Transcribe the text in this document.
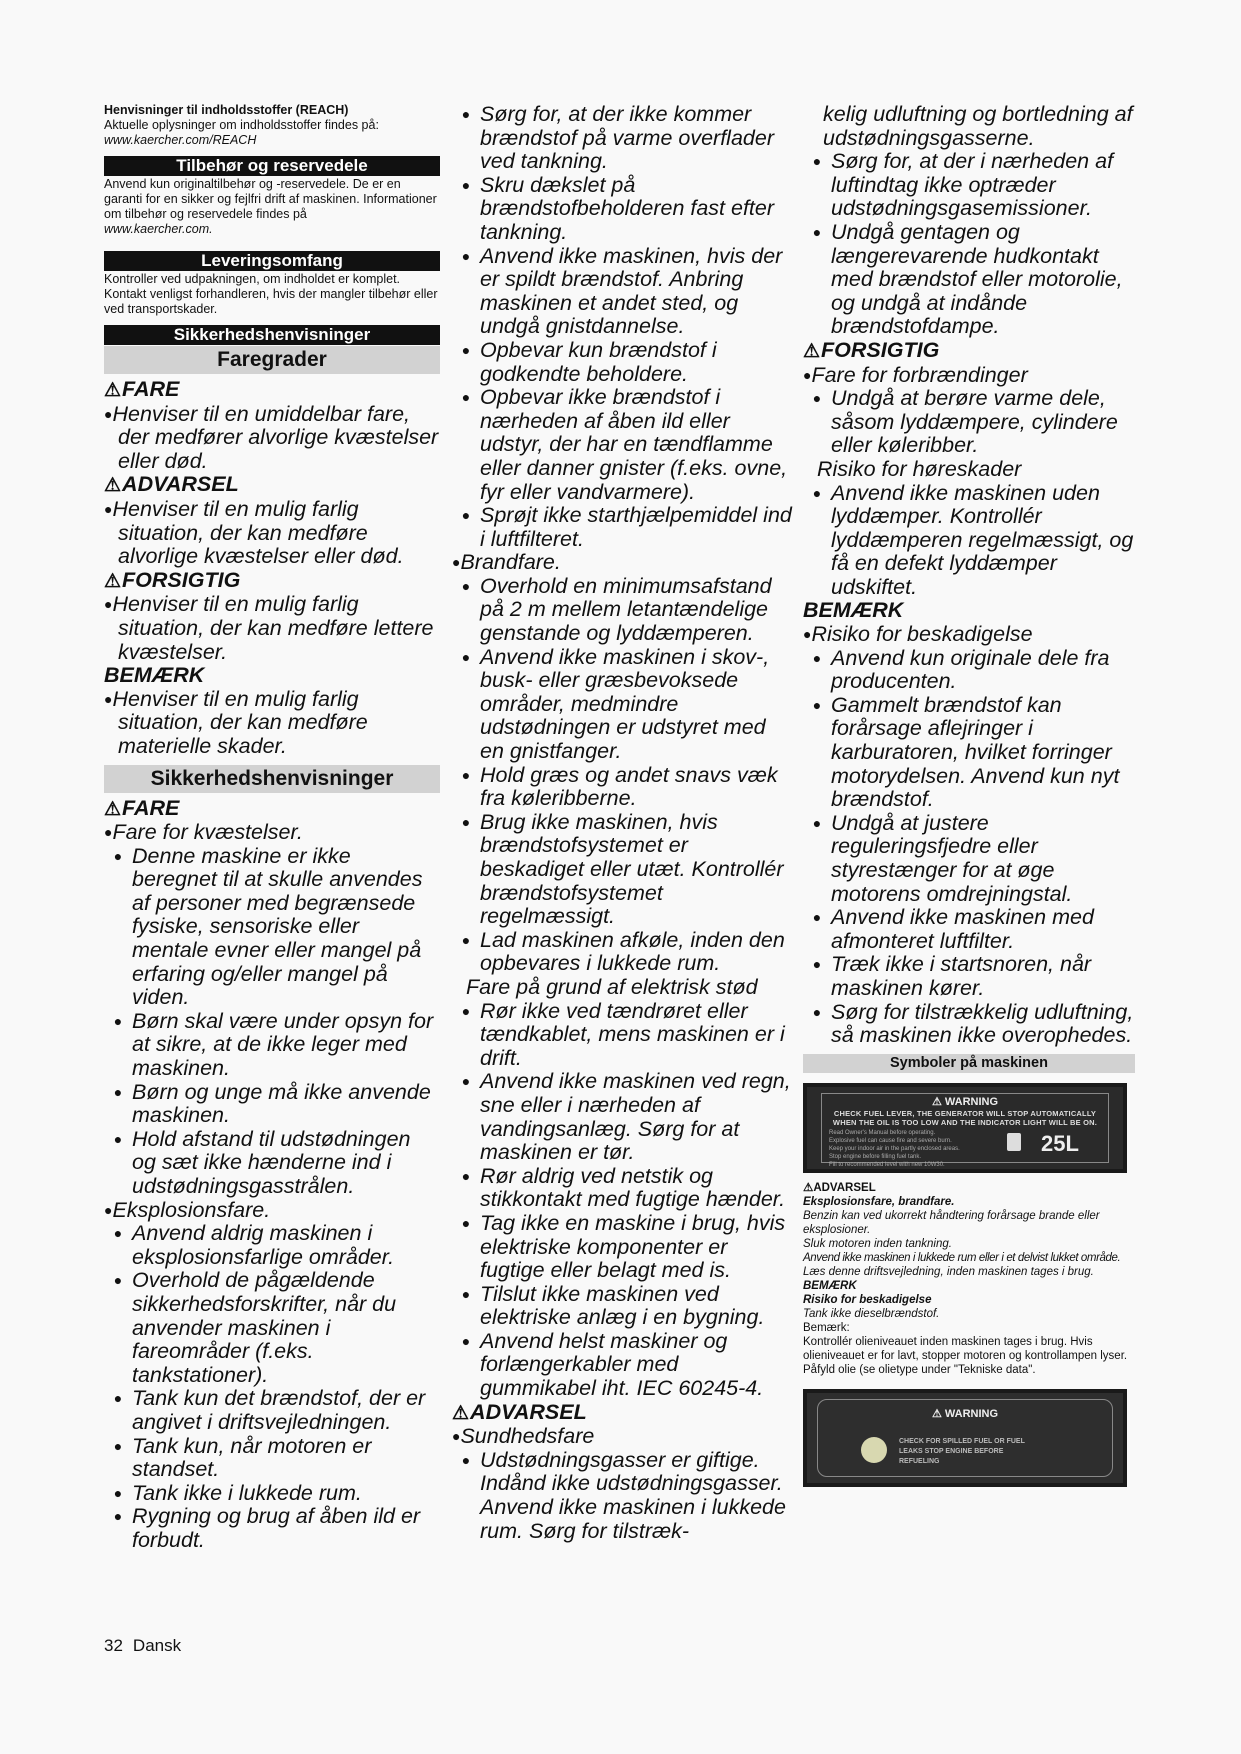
Henvisninger til indholdsstoffer (REACH)
Aktuelle oplysninger om indholdsstoffer findes på:
www.kaercher.com/REACH
Tilbehør og reservedele
Anvend kun originaltilbehør og -reservedele. De er en garanti for en sikker og fejlfri drift af maskinen. Informationer om tilbehør og reservedele findes på
www.kaercher.com.
Leveringsomfang
Kontroller ved udpakningen, om indholdet er komplet. Kontakt venligst forhandleren, hvis der mangler tilbehør eller ved transportskader.
Sikkerhedshenvisninger
Faregrader
⚠FARE
●Henviser til en umiddelbar fare, der medfører alvorlige kvæstelser eller død.
⚠ADVARSEL
●Henviser til en mulig farlig situation, der kan medføre alvorlige kvæstelser eller død.
⚠FORSIGTIG
●Henviser til en mulig farlig situation, der kan medføre lettere kvæstelser.
BEMÆRK
●Henviser til en mulig farlig situation, der kan medføre materielle skader.
Sikkerhedshenvisninger
⚠FARE
●Fare for kvæstelser.
● Denne maskine er ikke beregnet til at skulle anvendes af personer med begrænsede fysiske, sensoriske eller mentale evner eller mangel på erfaring og/eller mangel på viden.
● Børn skal være under opsyn for at sikre, at de ikke leger med maskinen.
● Børn og unge må ikke anvende maskinen.
● Hold afstand til udstødningen og sæt ikke hænderne ind i udstødningsgasstrålen.
●Eksplosionsfare.
● Anvend aldrig maskinen i eksplosionsfarlige områder.
● Overhold de pågældende sikkerhedsforskrifter, når du anvender maskinen i fareområder (f.eks. tankstationer).
● Tank kun det brændstof, der er angivet i driftsvejledningen.
● Tank kun, når motoren er standset.
● Tank ikke i lukkede rum.
● Rygning og brug af åben ild er forbudt.
● Sørg for, at der ikke kommer brændstof på varme overflader ved tankning.
● Skru dækslet på brændstofbeholderen fast efter tankning.
● Anvend ikke maskinen, hvis der er spildt brændstof. Anbring maskinen et andet sted, og undgå gnistdannelse.
● Opbevar kun brændstof i godkendte beholdere.
● Opbevar ikke brændstof i nærheden af åben ild eller udstyr, der har en tændflamme eller danner gnister (f.eks. ovne, fyr eller vandvarmere).
● Sprøjt ikke starthjælpemiddel ind i luftfilteret.
●Brandfare.
● Overhold en minimumsafstand på 2 m mellem letantændelige genstande og lyddæmperen.
● Anvend ikke maskinen i skov-, busk- eller græsbevoksede områder, medmindre udstødningen er udstyret med en gnistfanger.
● Hold græs og andet snavs væk fra køleribberne.
● Brug ikke maskinen, hvis brændstofsystemet er beskadiget eller utæt. Kontrollér brændstofsystemet regelmæssigt.
● Lad maskinen afkøle, inden den opbevares i lukkede rum.
Fare på grund af elektrisk stød
● Rør ikke ved tændrøret eller tændkablet, mens maskinen er i drift.
● Anvend ikke maskinen ved regn, sne eller i nærheden af vandingsanlæg. Sørg for at maskinen er tør.
● Rør aldrig ved netstik og stikkontakt med fugtige hænder.
● Tag ikke en maskine i brug, hvis elektriske komponenter er fugtige eller belagt med is.
● Tilslut ikke maskinen ved elektriske anlæg i en bygning.
● Anvend helst maskiner og forlængerkabler med gummikabel iht. IEC 60245-4.
⚠ADVARSEL
●Sundhedsfare
● Udstødningsgasser er giftige. Indånd ikke udstødningsgasser. Anvend ikke maskinen i lukkede rum. Sørg for tilstræk-
kelig udluftning og bortledning af udstødningsgasserne.
● Sørg for, at der i nærheden af luftindtag ikke optræder udstødningsgasemissioner.
● Undgå gentagen og længerevarende hudkontakt med brændstof eller motorolie, og undgå at indånde brændstofdampe.
⚠FORSIGTIG
●Fare for forbrændinger
● Undgå at berøre varme dele, såsom lyddæmpere, cylindere eller køleribber.
Risiko for høreskader
● Anvend ikke maskinen uden lyddæmper. Kontrollér lyddæmperen regelmæssigt, og få en defekt lyddæmper udskiftet.
BEMÆRK
●Risiko for beskadigelse
● Anvend kun originale dele fra producenten.
● Gammelt brændstof kan forårsage aflejringer i karburatoren, hvilket forringer motorydelsen. Anvend kun nyt brændstof.
● Undgå at justere reguleringsfjedre eller styrestænger for at øge motorens omdrejningstal.
● Anvend ikke maskinen med afmonteret luftfilter.
● Træk ikke i startsnoren, når maskinen kører.
● Sørg for tilstrækkelig udluftning, så maskinen ikke overophedes.
Symboler på maskinen
⚠ WARNING
CHECK FUEL LEVER, THE GENERATOR WILL STOP AUTOMATICALLY WHEN THE OIL IS TOO LOW AND THE INDICATOR LIGHT WILL BE ON.
Read Owner's Manual before operating.
Explosive fuel can cause fire and severe burn.
Keep your indoor air in the partly enclosed areas.
Stop engine before filling fuel tank.
Fill to recommended level with new 10W30.
25L
⚠ADVARSEL
Eksplosionsfare, brandfare.
Benzin kan ved ukorrekt håndtering forårsage brande eller eksplosioner.
Sluk motoren inden tankning.
Anvend ikke maskinen i lukkede rum eller i et delvist lukket område.
Læs denne driftsvejledning, inden maskinen tages i brug.
BEMÆRK
Risiko for beskadigelse
Tank ikke dieselbrændstof.
Bemærk:
Kontrollér olieniveauet inden maskinen tages i brug. Hvis olieniveauet er for lavt, stopper motoren og kontrollampen lyser. Påfyld olie (se olietype under "Tekniske data".
⚠ WARNING
CHECK FOR SPILLED FUEL OR FUEL LEAKS STOP ENGINE BEFORE REFUELING
32 Dansk
